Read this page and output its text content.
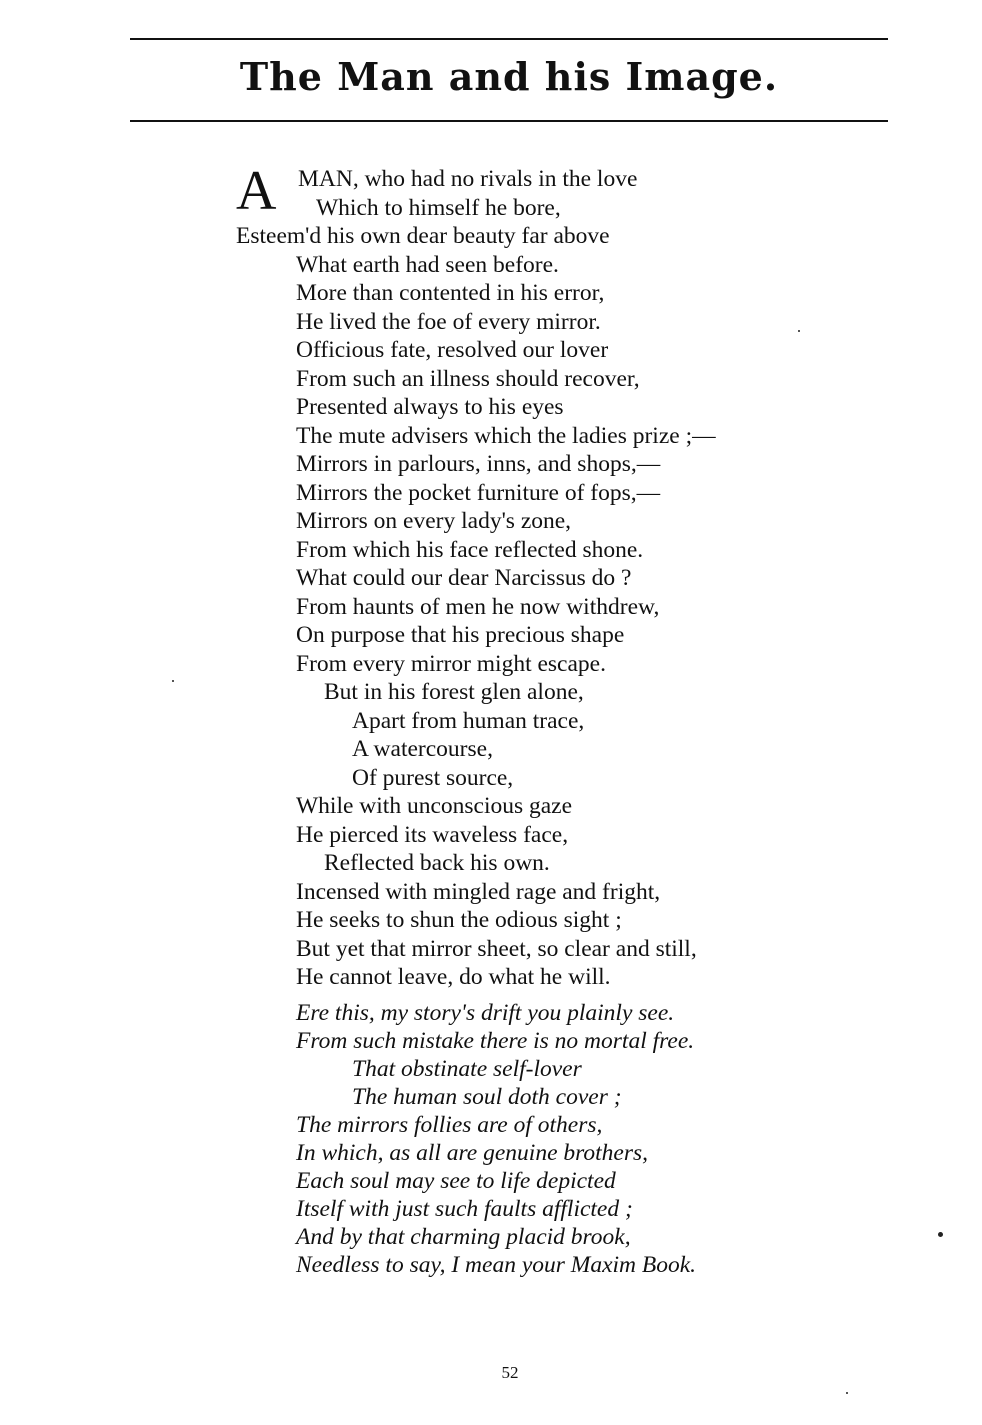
The Man and his Image.
A MAN, who had no rivals in the love
Which to himself he bore,
Esteem'd his own dear beauty far above
What earth had seen before.
More than contented in his error,
He lived the foe of every mirror.
Officious fate, resolved our lover
From such an illness should recover,
Presented always to his eyes
The mute advisers which the ladies prize ;—
Mirrors in parlours, inns, and shops,—
Mirrors the pocket furniture of fops,—
Mirrors on every lady's zone,
From which his face reflected shone.
What could our dear Narcissus do ?
From haunts of men he now withdrew,
On purpose that his precious shape
From every mirror might escape.
But in his forest glen alone,
Apart from human trace,
A watercourse,
Of purest source,
While with unconscious gaze
He pierced its waveless face,
Reflected back his own.
Incensed with mingled rage and fright,
He seeks to shun the odious sight ;
But yet that mirror sheet, so clear and still,
He cannot leave, do what he will.
Ere this, my story's drift you plainly see.
From such mistake there is no mortal free.
That obstinate self-lover
The human soul doth cover ;
The mirrors follies are of others,
In which, as all are genuine brothers,
Each soul may see to life depicted
Itself with just such faults afflicted ;
And by that charming placid brook,
Needless to say, I mean your Maxim Book.
52
